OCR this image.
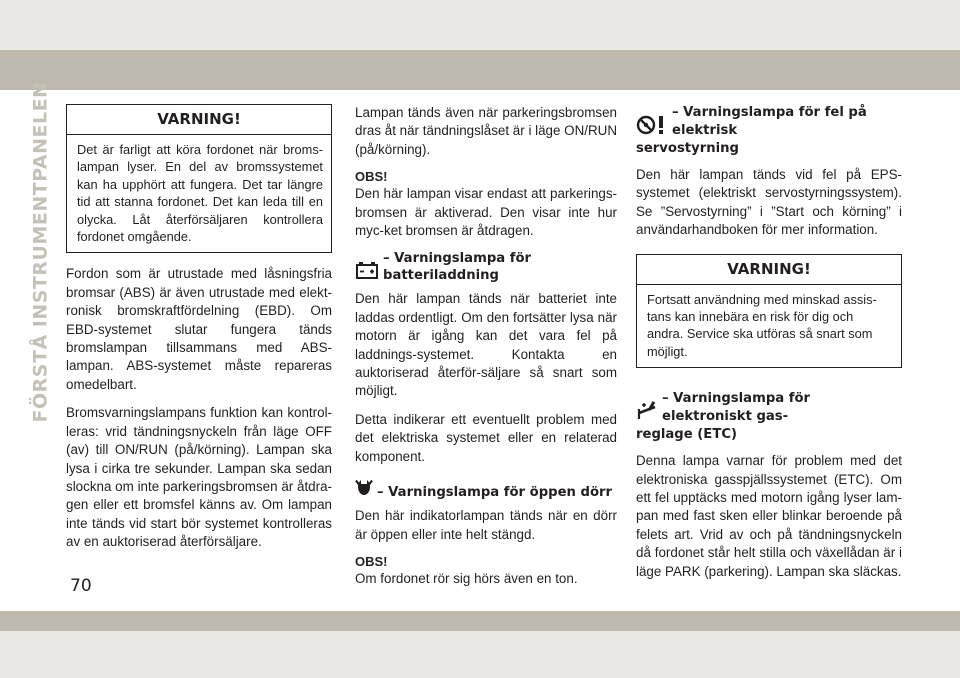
FÖRSTÅ INSTRUMENTPANELEN
70
VARNING!
Det är farligt att köra fordonet när broms-lampan lyser. En del av bromssystemet kan ha upphört att fungera. Det tar längre tid att stanna fordonet. Det kan leda till en olycka. Låt återförsäljaren kontrollera fordonet omgående.

Fordon som är utrustade med låsningsfria bromsar (ABS) är även utrustade med elekt-ronisk bromskraftfördelning (EBD). Om EBD-systemet slutar fungera tänds bromslampan tillsammans med ABS-lampan. ABS-systemet måste repareras omedelbart.

Bromsvarningslampans funktion kan kontrol-leras: vrid tändningsnyckeln från läge OFF (av) till ON/RUN (på/körning). Lampan ska lysa i cirka tre sekunder. Lampan ska sedan slockna om inte parkeringsbromsen är åtdra-gen eller ett bromsfel känns av. Om lampan inte tänds vid start bör systemet kontrolleras av en auktoriserad återförsäljare.

Lampan tänds även när parkeringsbromsen dras åt när tändningslåset är i läge ON/RUN (på/körning).

OBS!

Den här lampan visar endast att parkerings-bromsen är aktiverad. Den visar inte hur myc-ket bromsen är åtdragen.

– Varningslampa för batteriladdning

Den här lampan tänds när batteriet inte laddas ordentligt. Om den fortsätter lysa när motorn är igång kan det vara fel på laddnings-systemet. Kontakta en auktoriserad återför-säljare så snart som möjligt.

Detta indikerar ett eventuellt problem med det elektriska systemet eller en relaterad komponent.

– Varningslampa för öppen dörr

Den här indikatorlampan tänds när en dörr är öppen eller inte helt stängd.

OBS!

Om fordonet rör sig hörs även en ton.

– Varningslampa för fel på elektrisk
servostyrning

Den här lampan tänds vid fel på EPS-systemet (elektriskt servostyrningssystem). Se ”Servostyrning” i ”Start och körning” i användarhandboken för mer information.

VARNING!
Fortsatt användning med minskad assis-tans kan innebära en risk för dig och andra. Service ska utföras så snart som möjligt.
– Varningslampa för elektroniskt gas-
reglage (ETC)

Denna lampa varnar för problem med det elektroniska gasspjällssystemet (ETC). Om ett fel upptäcks med motorn igång lyser lam-pan med fast sken eller blinkar beroende på felets art. Vrid av och på tändningsnyckeln då fordonet står helt stilla och växellådan är i läge PARK (parkering). Lampan ska släckas.
